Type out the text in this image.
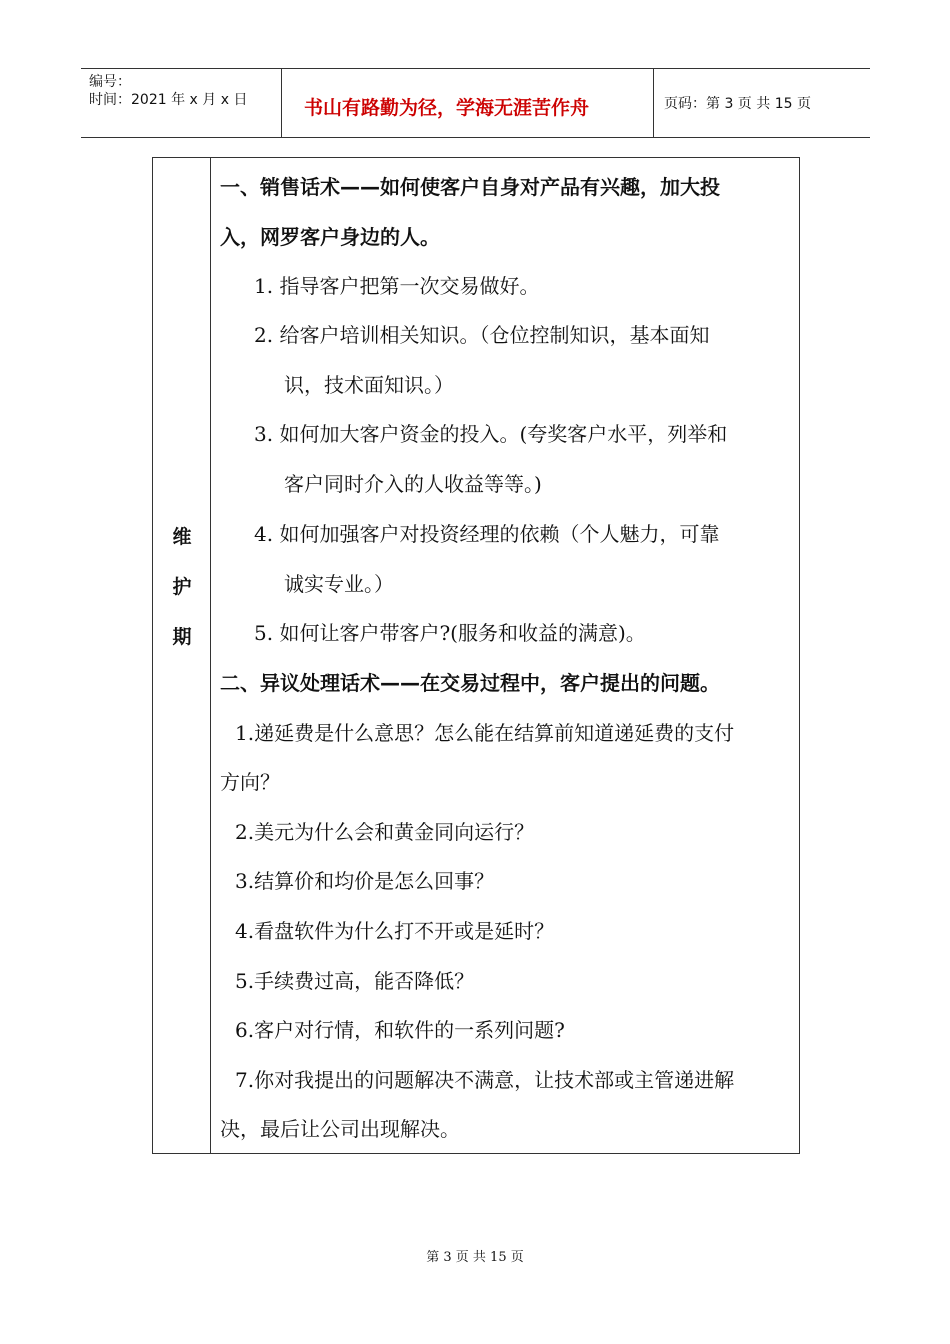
编号：
时间：2021 年 x 月 x 日	书山有路勤为径，学海无涯苦作舟	页码：第 3 页 共 15 页
维
护
期
一、销售话术——如何使客户自身对产品有兴趣，加大投
入，网罗客户身边的人。
1. 指导客户把第一次交易做好。
2. 给客户培训相关知识。（仓位控制知识，基本面知
识，技术面知识。）
3. 如何加大客户资金的投入。(夸奖客户水平，列举和
客户同时介入的人收益等等。)
4. 如何加强客户对投资经理的依赖（个人魅力，可靠
诚实专业。）
5. 如何让客户带客户?(服务和收益的满意)。
二、异议处理话术——在交易过程中，客户提出的问题。
1.递延费是什么意思？怎么能在结算前知道递延费的支付
方向？
2.美元为什么会和黄金同向运行？
3.结算价和均价是怎么回事？
4.看盘软件为什么打不开或是延时？
5.手续费过高，能否降低？
6.客户对行情，和软件的一系列问题?
7.你对我提出的问题解决不满意，让技术部或主管递进解
决，最后让公司出现解决。
第 3 页 共 15 页
